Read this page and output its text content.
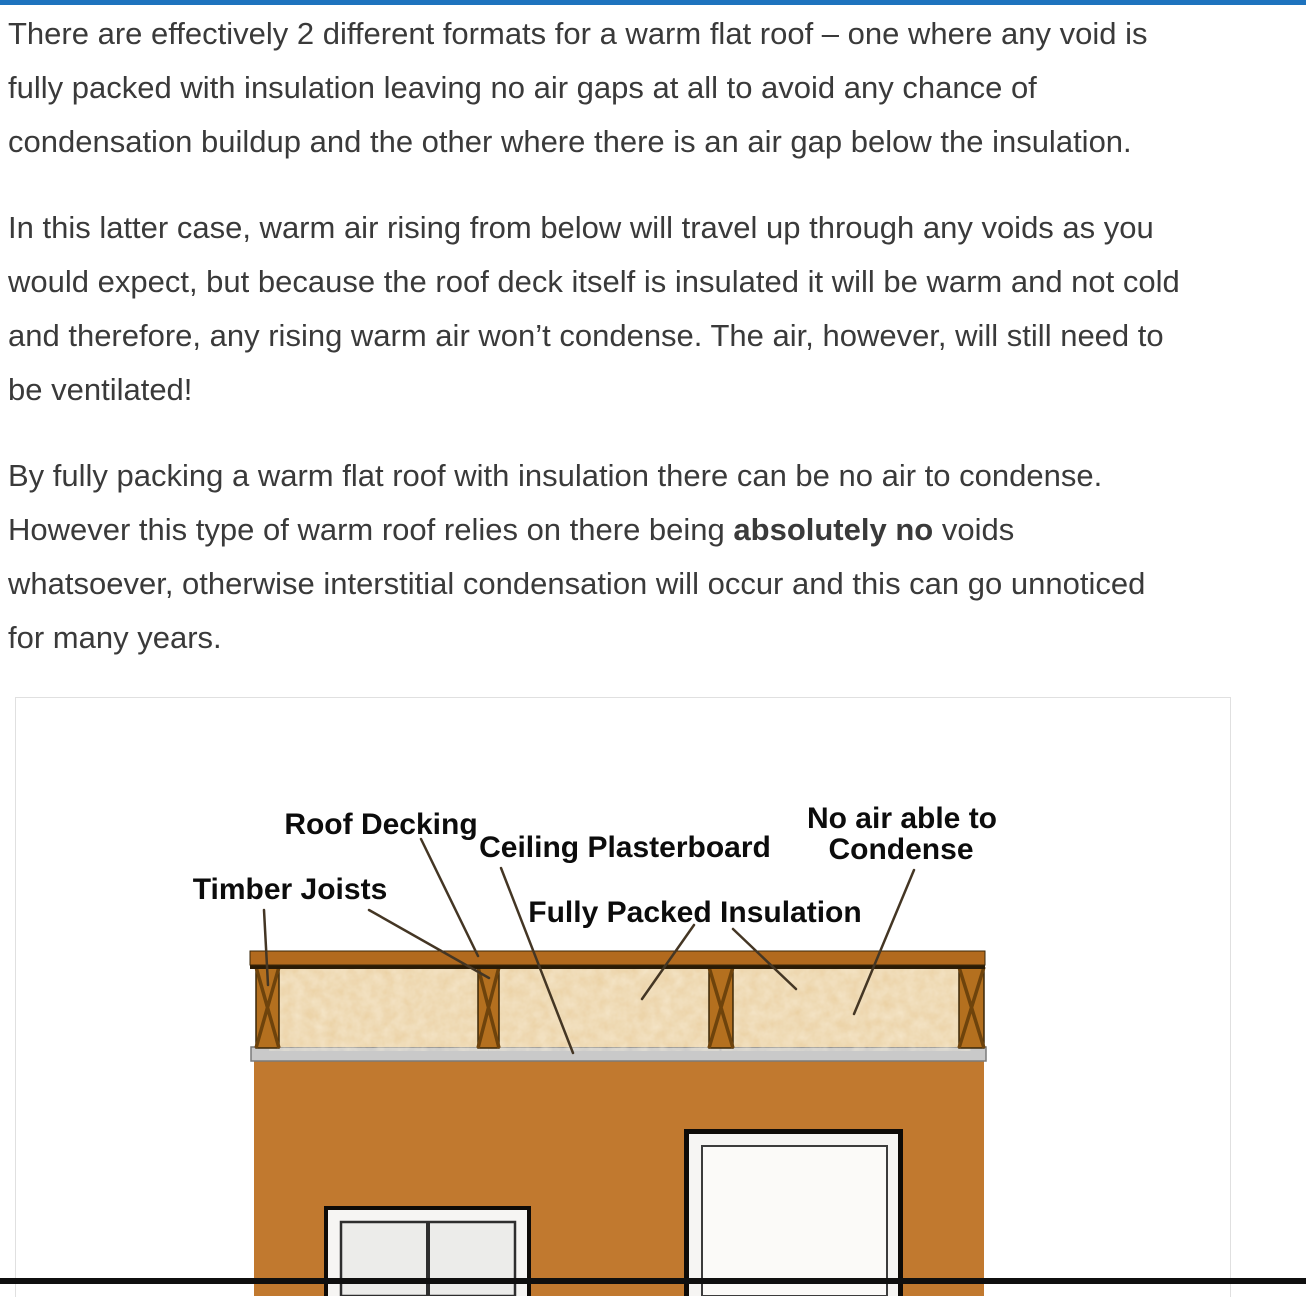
There are effectively 2 different formats for a warm flat roof – one where any void is
fully packed with insulation leaving no air gaps at all to avoid any chance of
condensation buildup and the other where there is an air gap below the insulation.

In this latter case, warm air rising from below will travel up through any voids as you
would expect, but because the roof deck itself is insulated it will be warm and not cold
and therefore, any rising warm air won’t condense. The air, however, will still need to
be ventilated!

By fully packing a warm flat roof with insulation there can be no air to condense.
However this type of warm roof relies on there being absolutely no voids
whatsoever, otherwise interstitial condensation will occur and this can go unnoticed
for many years.

Roof Decking
Ceiling Plasterboard
Timber Joists
Fully Packed Insulation
No air able to
Condense
